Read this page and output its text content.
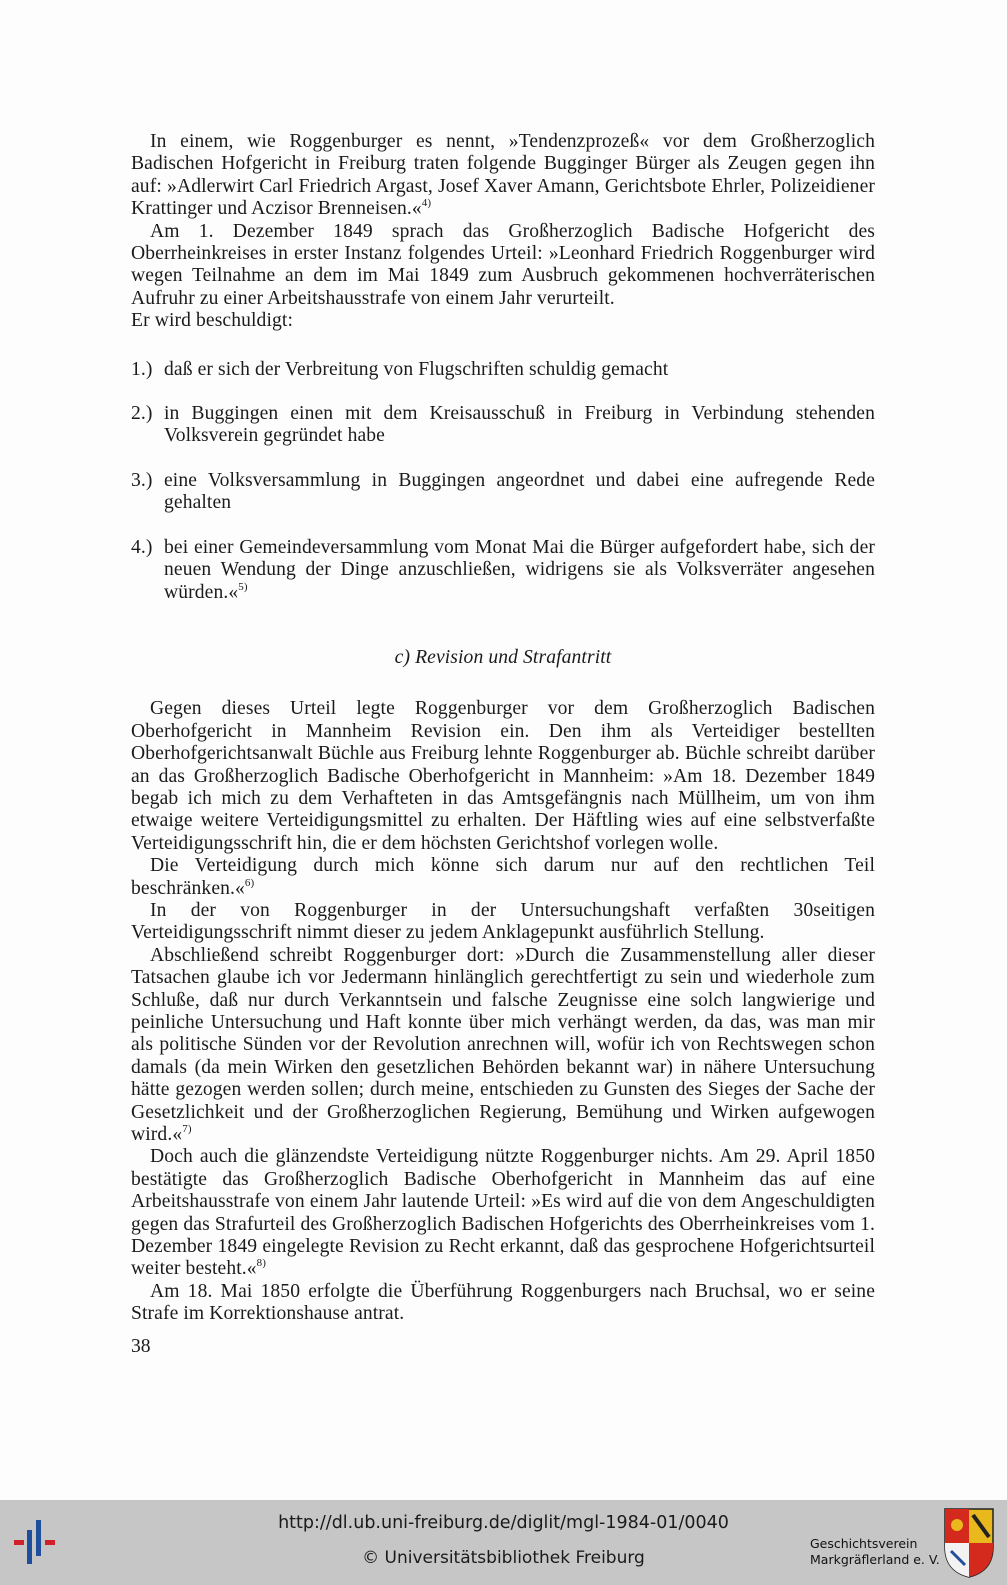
In einem, wie Roggenburger es nennt, »Tendenzprozeß« vor dem Großherzoglich Badischen Hofgericht in Freiburg traten folgende Bugginger Bürger als Zeugen gegen ihn auf: »Adlerwirt Carl Friedrich Argast, Josef Xaver Amann, Gerichtsbote Ehrler, Polizeidiener Krattinger und Aczisor Brenneisen.«$^{4)}$

Am 1. Dezember 1849 sprach das Großherzoglich Badische Hofgericht des Oberrheinkreises in erster Instanz folgendes Urteil: »Leonhard Friedrich Roggenburger wird wegen Teilnahme an dem im Mai 1849 zum Ausbruch gekommenen hochverräterischen Aufruhr zu einer Arbeitshausstrafe von einem Jahr verurteilt.

Er wird beschuldigt:

1.) daß er sich der Verbreitung von Flugschriften schuldig gemacht
2.) in Buggingen einen mit dem Kreisausschuß in Freiburg in Verbindung stehenden Volksverein gegründet habe
3.) eine Volksversammlung in Buggingen angeordnet und dabei eine aufregende Rede gehalten
4.) bei einer Gemeindeversammlung vom Monat Mai die Bürger aufgefordert habe, sich der neuen Wendung der Dinge anzuschließen, widrigens sie als Volksverräter angesehen würden.«$^{5)}$

c) Revision und Strafantritt

Gegen dieses Urteil legte Roggenburger vor dem Großherzoglich Badischen Oberhofgericht in Mannheim Revision ein. Den ihm als Verteidiger bestellten Oberhofgerichtsanwalt Büchle aus Freiburg lehnte Roggenburger ab. Büchle schreibt darüber an das Großherzoglich Badische Oberhofgericht in Mannheim: »Am 18. Dezember 1849 begab ich mich zu dem Verhafteten in das Amtsgefängnis nach Müllheim, um von ihm etwaige weitere Verteidigungsmittel zu erhalten. Der Häftling wies auf eine selbstverfaßte Verteidigungsschrift hin, die er dem höchsten Gerichtshof vorlegen wolle.

Die Verteidigung durch mich könne sich darum nur auf den rechtlichen Teil beschränken.«$^{6)}$

In der von Roggenburger in der Untersuchungshaft verfaßten 30seitigen Verteidigungsschrift nimmt dieser zu jedem Anklagepunkt ausführlich Stellung.

Abschließend schreibt Roggenburger dort: »Durch die Zusammenstellung aller dieser Tatsachen glaube ich vor Jedermann hinlänglich gerechtfertigt zu sein und wiederhole zum Schluße, daß nur durch Verkanntsein und falsche Zeugnisse eine solch langwierige und peinliche Untersuchung und Haft konnte über mich verhängt werden, da das, was man mir als politische Sünden vor der Revolution anrechnen will, wofür ich von Rechtswegen schon damals (da mein Wirken den gesetzlichen Behörden bekannt war) in nähere Untersuchung hätte gezogen werden sollen; durch meine, entschieden zu Gunsten des Sieges der Sache der Gesetzlichkeit und der Großherzoglichen Regierung, Bemühung und Wirken aufgewogen wird.«$^{7)}$

Doch auch die glänzendste Verteidigung nützte Roggenburger nichts. Am 29. April 1850 bestätigte das Großherzoglich Badische Oberhofgericht in Mannheim das auf eine Arbeitshausstrafe von einem Jahr lautende Urteil: »Es wird auf die von dem Angeschuldigten gegen das Strafurteil des Großherzoglich Badischen Hofgerichts des Oberrheinkreises vom 1. Dezember 1849 eingelegte Revision zu Recht erkannt, daß das gesprochene Hofgerichtsurteil weiter besteht.«$^{8)}$

Am 18. Mai 1850 erfolgte die Überführung Roggenburgers nach Bruchsal, wo er seine Strafe im Korrektionshause antrat.

38
http://dl.ub.uni-freiburg.de/diglit/mgl-1984-01/0040
© Universitätsbibliothek Freiburg
Geschichtsverein
Markgräflerland e. V.
